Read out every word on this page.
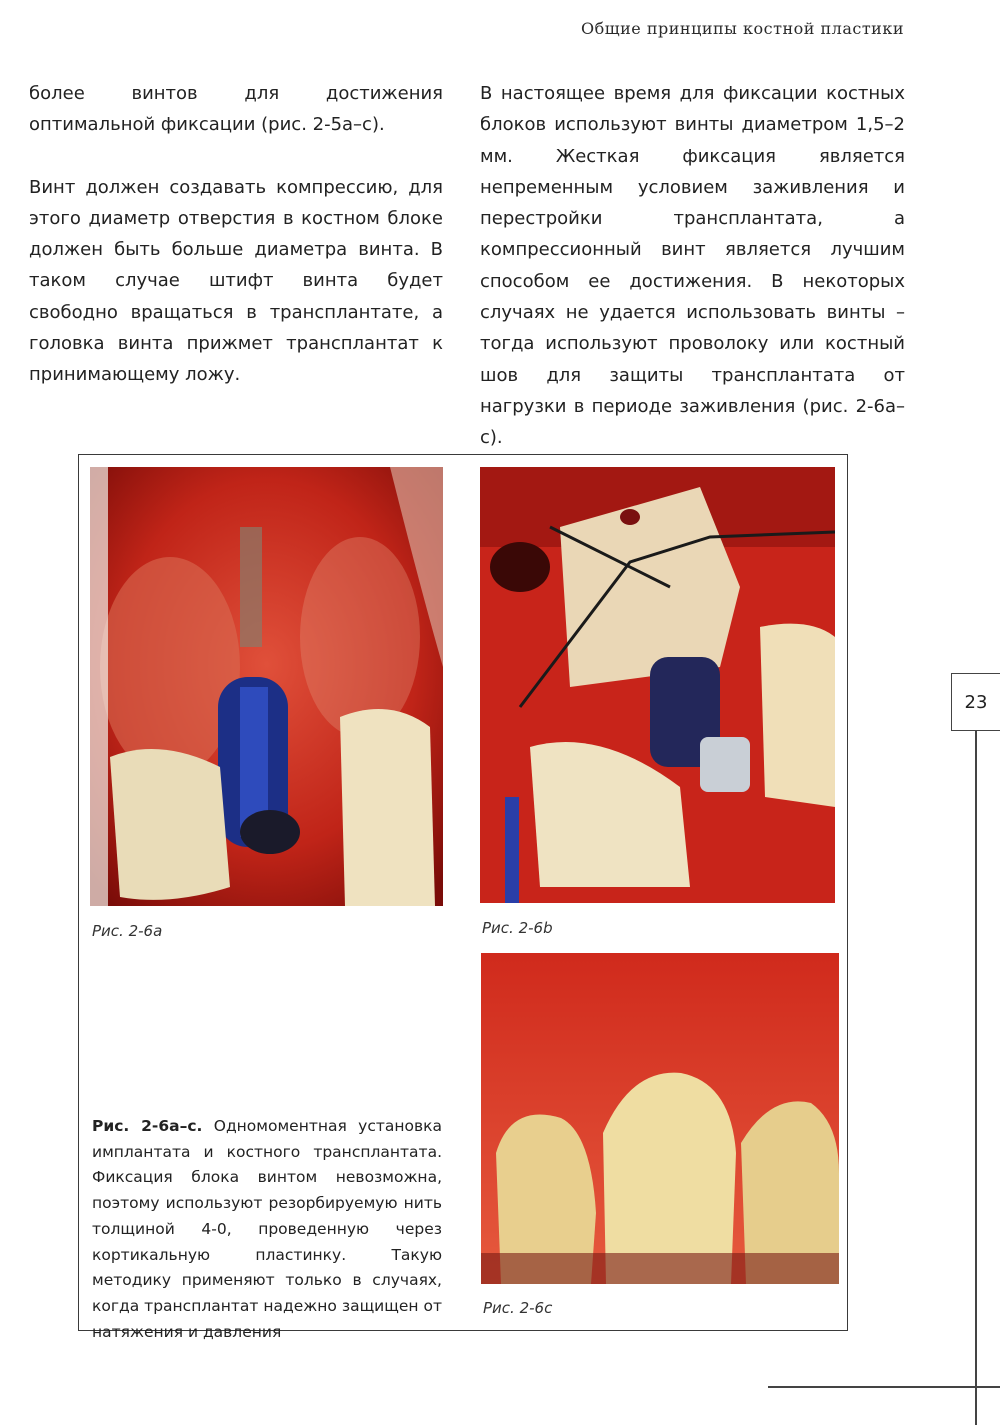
Общие принципы костной пластики

более винтов для достижения оптимальной фиксации (рис. 2-5a–c).

Винт должен создавать компрессию, для этого диаметр отверстия в костном блоке должен быть больше диаметра винта. В таком случае штифт винта будет свободно вращаться в трансплантате, а головка винта прижмет трансплантат к принимающему ложу.

В настоящее время для фиксации костных блоков используют винты диаметром 1,5–2 мм. Жесткая фиксация является непременным условием заживления и перестройки трансплантата, а компрессионный винт является лучшим способом ее достижения. В некоторых случаях не удается использовать винты – тогда используют проволоку или костный шов для защиты трансплантата от нагрузки в периоде заживления (рис. 2-6a–c).

Рис. 2-6a	Рис. 2-6b
Рис. 2-6c
Рис. 2-6a–c. Одномоментная установка имплантата и костного трансплантата. Фиксация блока винтом невозможна, поэтому используют резорбируемую нить толщиной 4-0, проведенную через кортикальную пластинку. Такую методику применяют только в случаях, когда трансплантат надежно защищен от натяжения и давления
23
